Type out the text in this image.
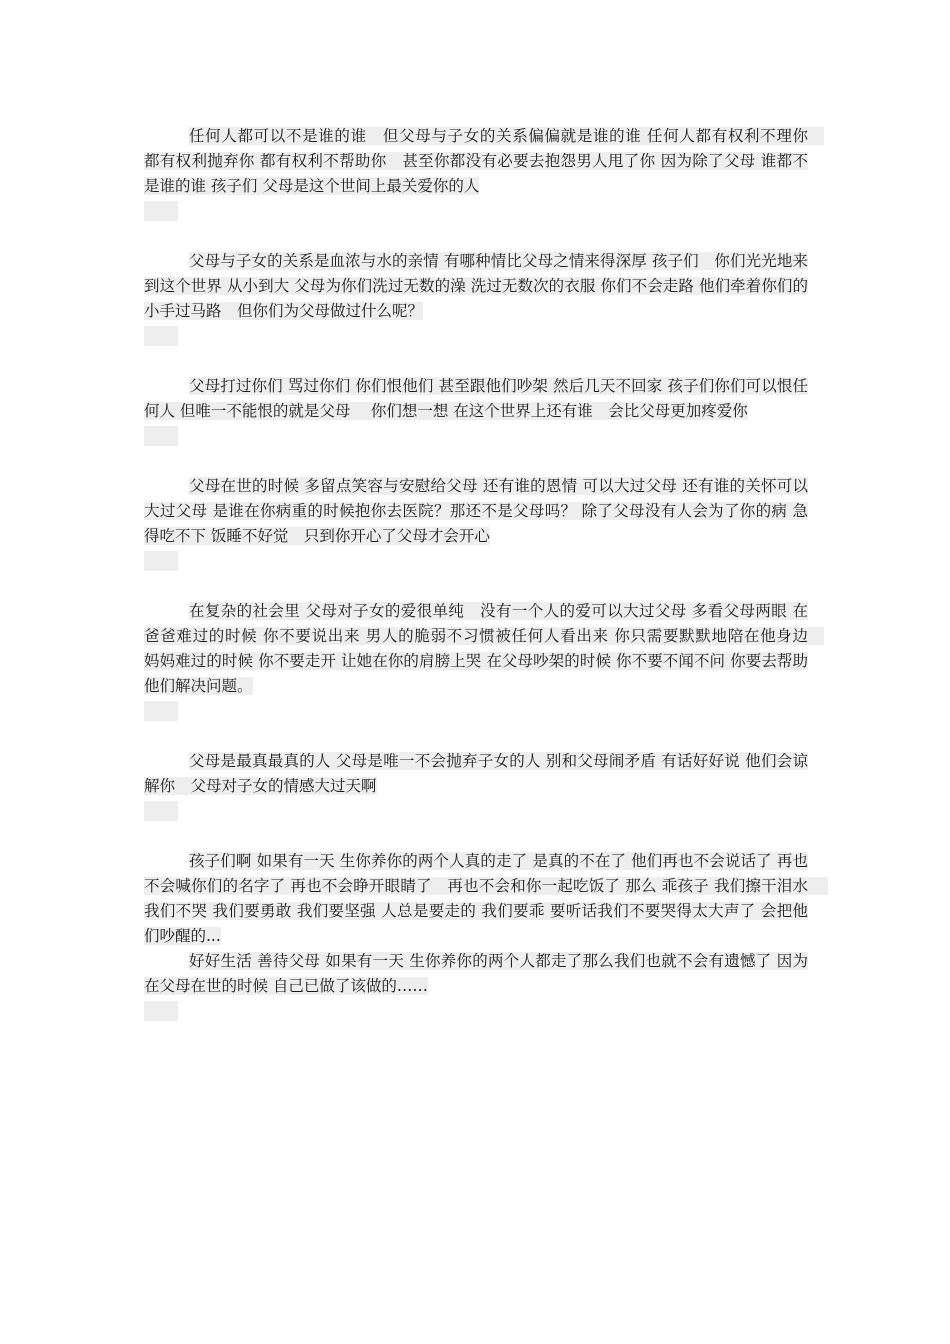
任何人都可以不是谁的谁　但父母与子女的关系偏偏就是谁的谁 任何人都有权利不理你　都有权利抛弃你 都有权利不帮助你　甚至你都没有必要去抱怨男人甩了你 因为除了父母 谁都不是谁的谁 孩子们 父母是这个世间上最关爱你的人

父母与子女的关系是血浓与水的亲情 有哪种情比父母之情来得深厚 孩子们　你们光光地来到这个世界 从小到大 父母为你们洗过无数的澡 洗过无数次的衣服 你们不会走路 他们牵着你们的小手过马路　但你们为父母做过什么呢？

父母打过你们 骂过你们 你们恨他们 甚至跟他们吵架 然后几天不回家 孩子们你们可以恨任何人 但唯一不能恨的就是父母　 你们想一想 在这个世界上还有谁　会比父母更加疼爱你

父母在世的时候 多留点笑容与安慰给父母 还有谁的恩情 可以大过父母 还有谁的关怀可以大过父母 是谁在你病重的时候抱你去医院？那还不是父母吗？ 除了父母没有人会为了你的病 急得吃不下 饭睡不好觉　只到你开心了父母才会开心

在复杂的社会里 父母对子女的爱很单纯　没有一个人的爱可以大过父母 多看父母两眼 在爸爸难过的时候 你不要说出来 男人的脆弱不习惯被任何人看出来 你只需要默默地陪在他身边　妈妈难过的时候 你不要走开 让她在你的肩膀上哭 在父母吵架的时候 你不要不闻不问 你要去帮助他们解决问题。

父母是最真最真的人 父母是唯一不会抛弃子女的人 别和父母闹矛盾 有话好好说 他们会谅解你　父母对子女的情感大过天啊

孩子们啊 如果有一天 生你养你的两个人真的走了 是真的不在了 他们再也不会说话了 再也不会喊你们的名字了 再也不会睁开眼睛了　再也不会和你一起吃饭了 那么 乖孩子 我们擦干泪水　 我们不哭 我们要勇敢 我们要坚强 人总是要走的 我们要乖 要听话我们不要哭得太大声了 会把他们吵醒的...

好好生活 善待父母 如果有一天 生你养你的两个人都走了那么我们也就不会有遗憾了 因为在父母在世的时候 自己已做了该做的……
